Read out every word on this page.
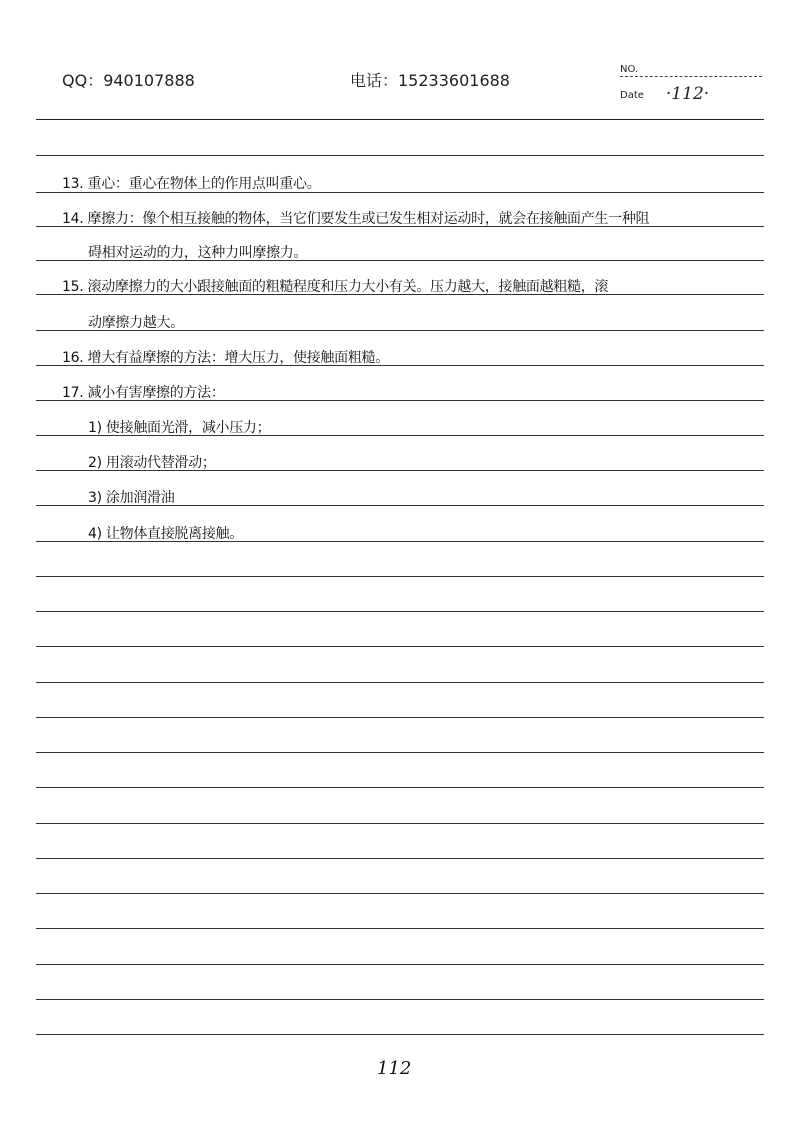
QQ：940107888	电话：15233601688
NO.
Date ·112·
13. 重心：重心在物体上的作用点叫重心。
14. 摩擦力：像个相互接触的物体，当它们要发生或已发生相对运动时，就会在接触面产生一种阻
碍相对运动的力，这种力叫摩擦力。
15. 滚动摩擦力的大小跟接触面的粗糙程度和压力大小有关。压力越大，接触面越粗糙，滚
动摩擦力越大。
16. 增大有益摩擦的方法：增大压力，使接触面粗糙。
17. 减小有害摩擦的方法：
1) 使接触面光滑，减小压力；
2) 用滚动代替滑动；
3) 涂加润滑油
4) 让物体直接脱离接触。
112
